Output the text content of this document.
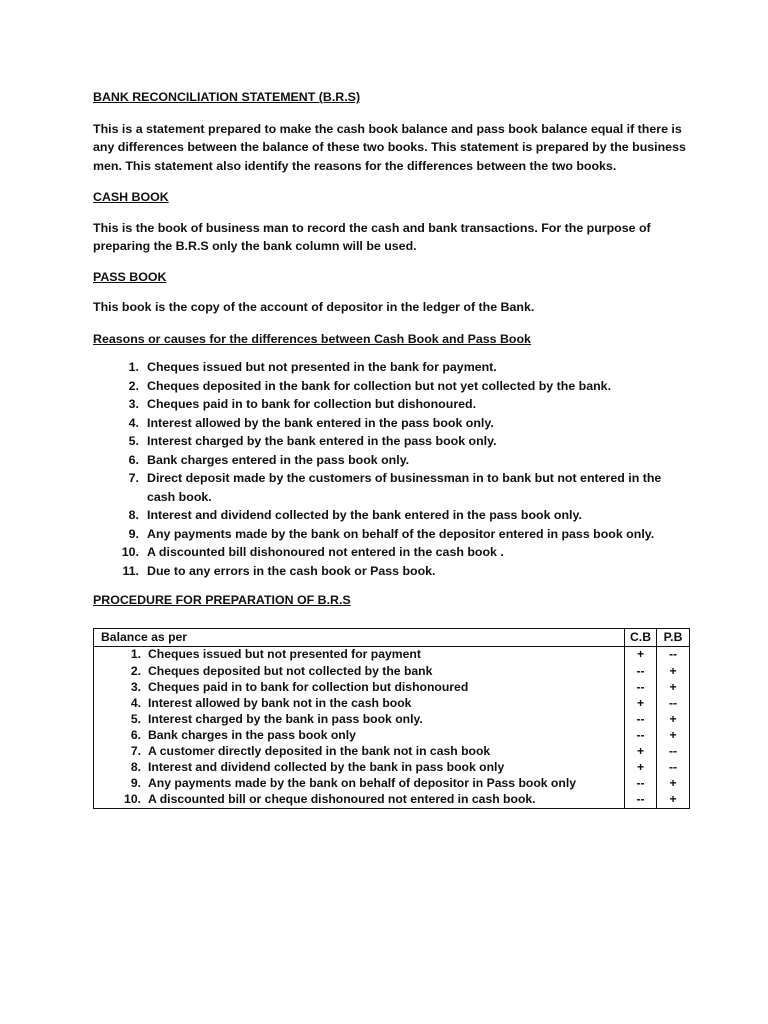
BANK RECONCILIATION STATEMENT (B.R.S)

This is a statement prepared to make the cash book balance and pass book balance equal if there is any differences between the balance of these two books. This statement is prepared by the business men. This statement also identify the reasons for the differences between the two books.

CASH BOOK

This is the book of business man to record the cash and bank transactions. For the purpose of preparing the B.R.S only the bank column will be used.

PASS BOOK

This book is the copy of the account of depositor in the ledger of the Bank.

Reasons or causes for the differences between Cash Book and Pass Book

1. Cheques issued but not presented in the bank for payment.
2. Cheques deposited in the bank for collection but not yet collected by the bank.
3. Cheques paid in to bank for collection but dishonoured.
4. Interest allowed by the bank entered in the pass book only.
5. Interest charged by the bank entered in the pass book only.
6. Bank charges entered in the pass book only.
7. Direct deposit made by the customers of businessman in to bank but not entered in the cash book.
8. Interest and dividend collected by the bank entered in the pass book only.
9. Any payments made by the bank on behalf of the depositor entered in pass book only.
10. A discounted bill dishonoured not entered in the cash book .
11. Due to any errors in the cash book or Pass book.

PROCEDURE FOR PREPARATION OF B.R.S

Balance as per	C.B	P.B
1. Cheques issued but not presented for payment	+	--
2. Cheques deposited but not collected by the bank	--	+
3. Cheques paid in to bank for collection but dishonoured	--	+
4. Interest allowed by bank not in the cash book	+	--
5. Interest charged by the bank in pass book only.	--	+
6. Bank charges in the pass book only	--	+
7. A customer directly deposited in the bank not in cash book	+	--
8. Interest and dividend collected by the bank in pass book only	+	--
9. Any payments made by the bank on behalf of depositor in Pass book only	--	+
10. A discounted bill or cheque dishonoured not entered in cash book.	--	+
